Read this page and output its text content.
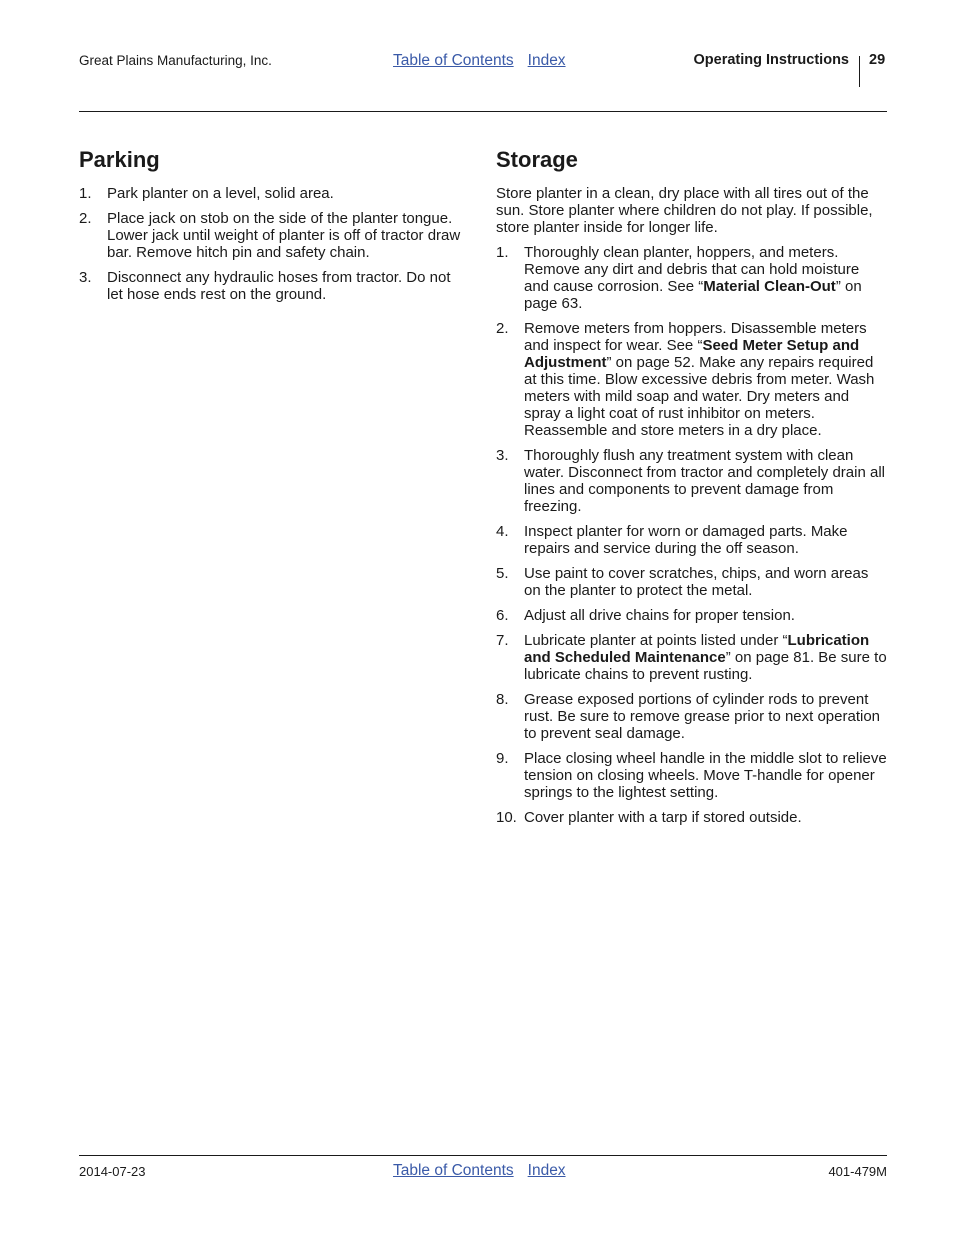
Great Plains Manufacturing, Inc.	Table of Contents Index	Operating Instructions 29
Parking
1. Park planter on a level, solid area.
2. Place jack on stob on the side of the planter tongue. Lower jack until weight of planter is off of tractor draw bar. Remove hitch pin and safety chain.
3. Disconnect any hydraulic hoses from tractor. Do not let hose ends rest on the ground.
Storage

Store planter in a clean, dry place with all tires out of the sun. Store planter where children do not play. If possible, store planter inside for longer life.

1. Thoroughly clean planter, hoppers, and meters. Remove any dirt and debris that can hold moisture and cause corrosion. See “Material Clean-Out” on page 63.
2. Remove meters from hoppers. Disassemble meters and inspect for wear. See “Seed Meter Setup and Adjustment” on page 52. Make any repairs required at this time. Blow excessive debris from meter. Wash meters with mild soap and water. Dry meters and spray a light coat of rust inhibitor on meters. Reassemble and store meters in a dry place.
3. Thoroughly flush any treatment system with clean water. Disconnect from tractor and completely drain all lines and components to prevent damage from freezing.
4. Inspect planter for worn or damaged parts. Make repairs and service during the off season.
5. Use paint to cover scratches, chips, and worn areas on the planter to protect the metal.
6. Adjust all drive chains for proper tension.
7. Lubricate planter at points listed under “Lubrication and Scheduled Maintenance” on page 81. Be sure to lubricate chains to prevent rusting.
8. Grease exposed portions of cylinder rods to prevent rust. Be sure to remove grease prior to next operation to prevent seal damage.
9. Place closing wheel handle in the middle slot to relieve tension on closing wheels. Move T-handle for opener springs to the lightest setting.
10. Cover planter with a tarp if stored outside.
2014-07-23	Table of Contents Index	401-479M
